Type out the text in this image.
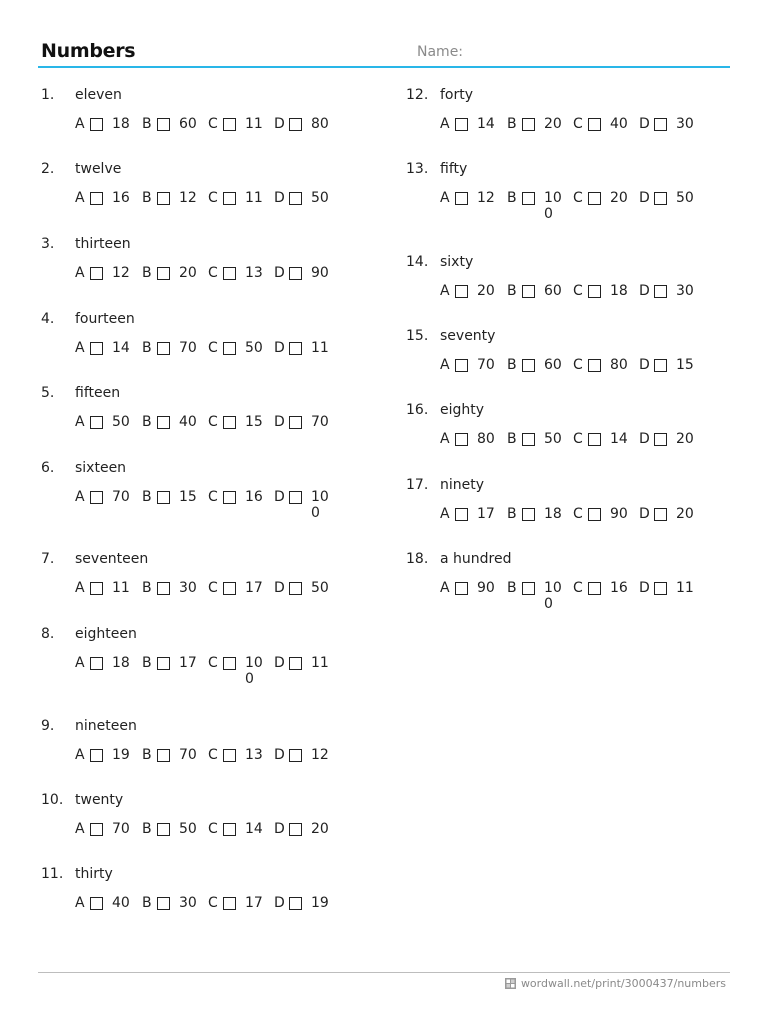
Numbers	Name:
1.	eleven
A 18 B 60 C 11 D 80
2.	twelve
A 16 B 12 C 11 D 50
3.	thirteen
A 12 B 20 C 13 D 90
4.	fourteen
A 14 B 70 C 50 D 11
5.	fifteen
A 50 B 40 C 15 D 70
6.	sixteen
A 70 B 15 C 16 D 100
7.	seventeen
A 11 B 30 C 17 D 50
8.	eighteen
A 18 B 17 C 100
D 11
9.	nineteen
A 19 B 70 C 13 D 12
10. twenty
A 70 B 50 C 14 D 20
11. thirty
A 40 B 30 C 17 D 19
12. forty
A 14 B 20 C 40 D 30
13. fifty
A 12 B 100
C 20 D 50
14. sixty
A 20 B 60 C 18 D 30
15. seventy
A 70 B 60 C 80 D 15
16. eighty
A 80 B 50 C 14 D 20
17. ninety
A 17 B 18 C 90 D 20
18. a hundred
A 90 B 100
C 16 D 11
wordwall.net/print/3000437/numbers
